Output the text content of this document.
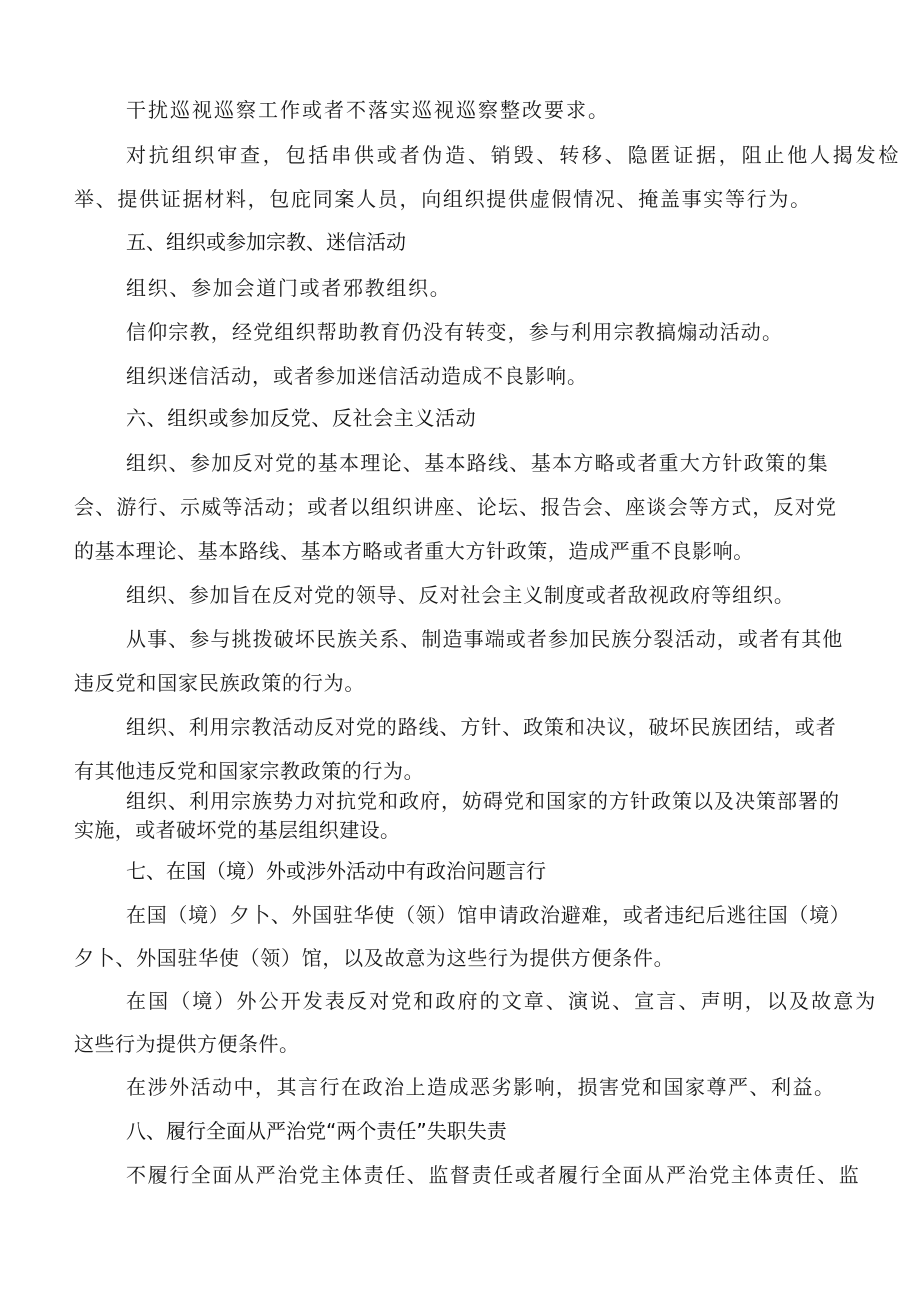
干扰巡视巡察工作或者不落实巡视巡察整改要求。
对抗组织审查，包括串供或者伪造、销毁、转移、隐匿证据，阻止他人揭发检
举、提供证据材料，包庇同案人员，向组织提供虚假情况、掩盖事实等行为。
五、组织或参加宗教、迷信活动
组织、参加会道门或者邪教组织。
信仰宗教，经党组织帮助教育仍没有转变，参与利用宗教搞煽动活动。
组织迷信活动，或者参加迷信活动造成不良影响。
六、组织或参加反党、反社会主义活动
组织、参加反对党的基本理论、基本路线、基本方略或者重大方针政策的集
会、游行、示威等活动；或者以组织讲座、论坛、报告会、座谈会等方式，反对党
的基本理论、基本路线、基本方略或者重大方针政策，造成严重不良影响。
组织、参加旨在反对党的领导、反对社会主义制度或者敌视政府等组织。
从事、参与挑拨破坏民族关系、制造事端或者参加民族分裂活动，或者有其他
违反党和国家民族政策的行为。
组织、利用宗教活动反对党的路线、方针、政策和决议，破坏民族团结，或者
有其他违反党和国家宗教政策的行为。
组织、利用宗族势力对抗党和政府，妨碍党和国家的方针政策以及决策部署的
实施，或者破坏党的基层组织建设。
七、在国（境）外或涉外活动中有政治问题言行
在国（境）夕卜、外国驻华使（领）馆申请政治避难，或者违纪后逃往国（境）
夕卜、外国驻华使（领）馆，以及故意为这些行为提供方便条件。
在国（境）外公开发表反对党和政府的文章、演说、宣言、声明，以及故意为
这些行为提供方便条件。
在涉外活动中，其言行在政治上造成恶劣影响，损害党和国家尊严、利益。
八、履行全面从严治党“两个责任”失职失责
不履行全面从严治党主体责任、监督责任或者履行全面从严治党主体责任、监
